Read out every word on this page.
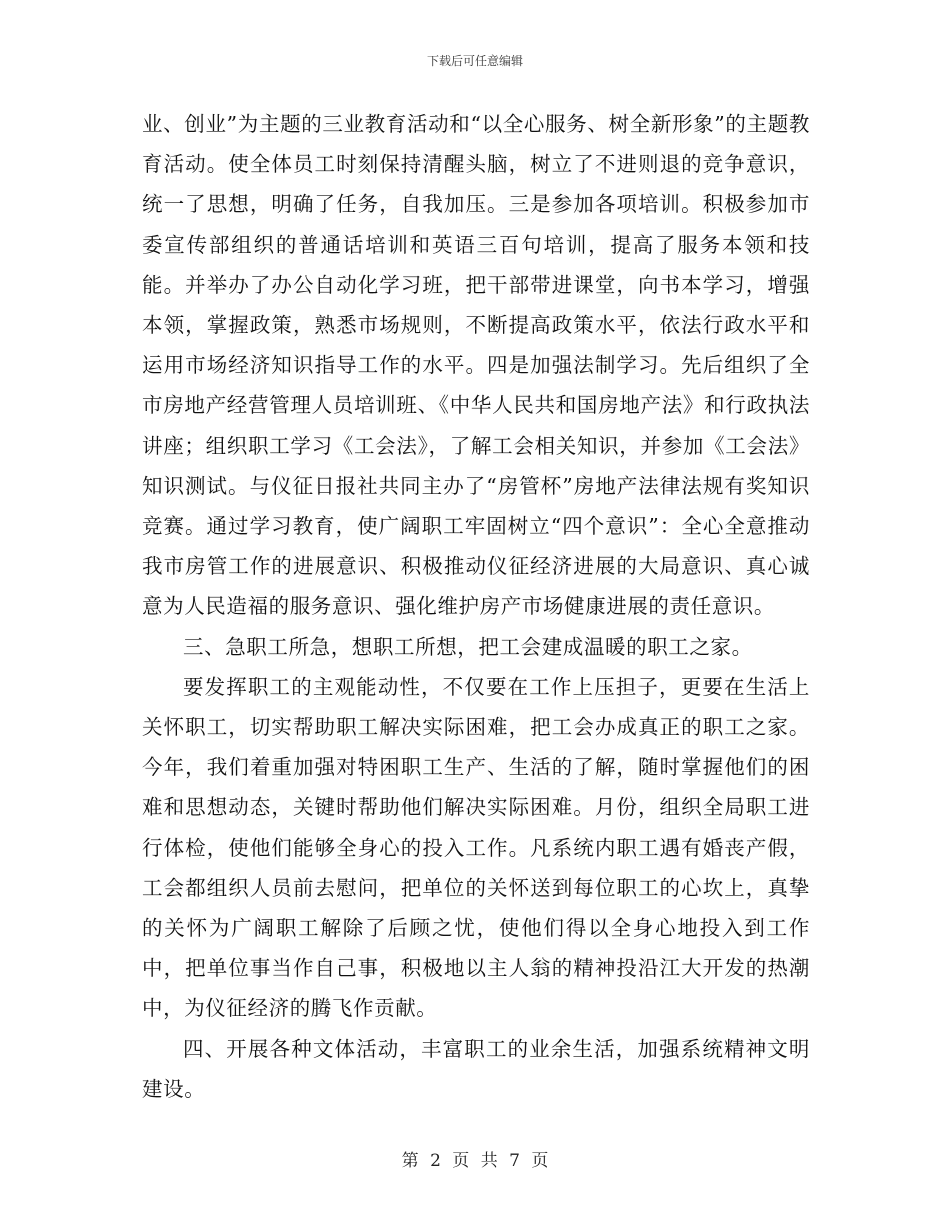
下载后可任意编辑

业、创业”为主题的三业教育活动和“以全心服务、树全新形象”的主题教育活动。使全体员工时刻保持清醒头脑，树立了不进则退的竞争意识，统一了思想，明确了任务，自我加压。三是参加各项培训。积极参加市委宣传部组织的普通话培训和英语三百句培训，提高了服务本领和技能。并举办了办公自动化学习班，把干部带进课堂，向书本学习，增强本领，掌握政策，熟悉市场规则，不断提高政策水平，依法行政水平和运用市场经济知识指导工作的水平。四是加强法制学习。先后组织了全市房地产经营管理人员培训班、《中华人民共和国房地产法》和行政执法讲座；组织职工学习《工会法》，了解工会相关知识，并参加《工会法》知识测试。与仪征日报社共同主办了“房管杯”房地产法律法规有奖知识竞赛。通过学习教育，使广阔职工牢固树立“四个意识”：全心全意推动我市房管工作的进展意识、积极推动仪征经济进展的大局意识、真心诚意为人民造福的服务意识、强化维护房产市场健康进展的责任意识。

三、急职工所急，想职工所想，把工会建成温暖的职工之家。

要发挥职工的主观能动性，不仅要在工作上压担子，更要在生活上关怀职工，切实帮助职工解决实际困难，把工会办成真正的职工之家。今年，我们着重加强对特困职工生产、生活的了解，随时掌握他们的困难和思想动态，关键时帮助他们解决实际困难。月份，组织全局职工进行体检，使他们能够全身心的投入工作。凡系统内职工遇有婚丧产假，工会都组织人员前去慰问，把单位的关怀送到每位职工的心坎上，真挚的关怀为广阔职工解除了后顾之忧，使他们得以全身心地投入到工作中，把单位事当作自己事，积极地以主人翁的精神投沿江大开发的热潮中，为仪征经济的腾飞作贡献。

四、开展各种文体活动，丰富职工的业余生活，加强系统精神文明建设。

第 2 页 共 7 页
